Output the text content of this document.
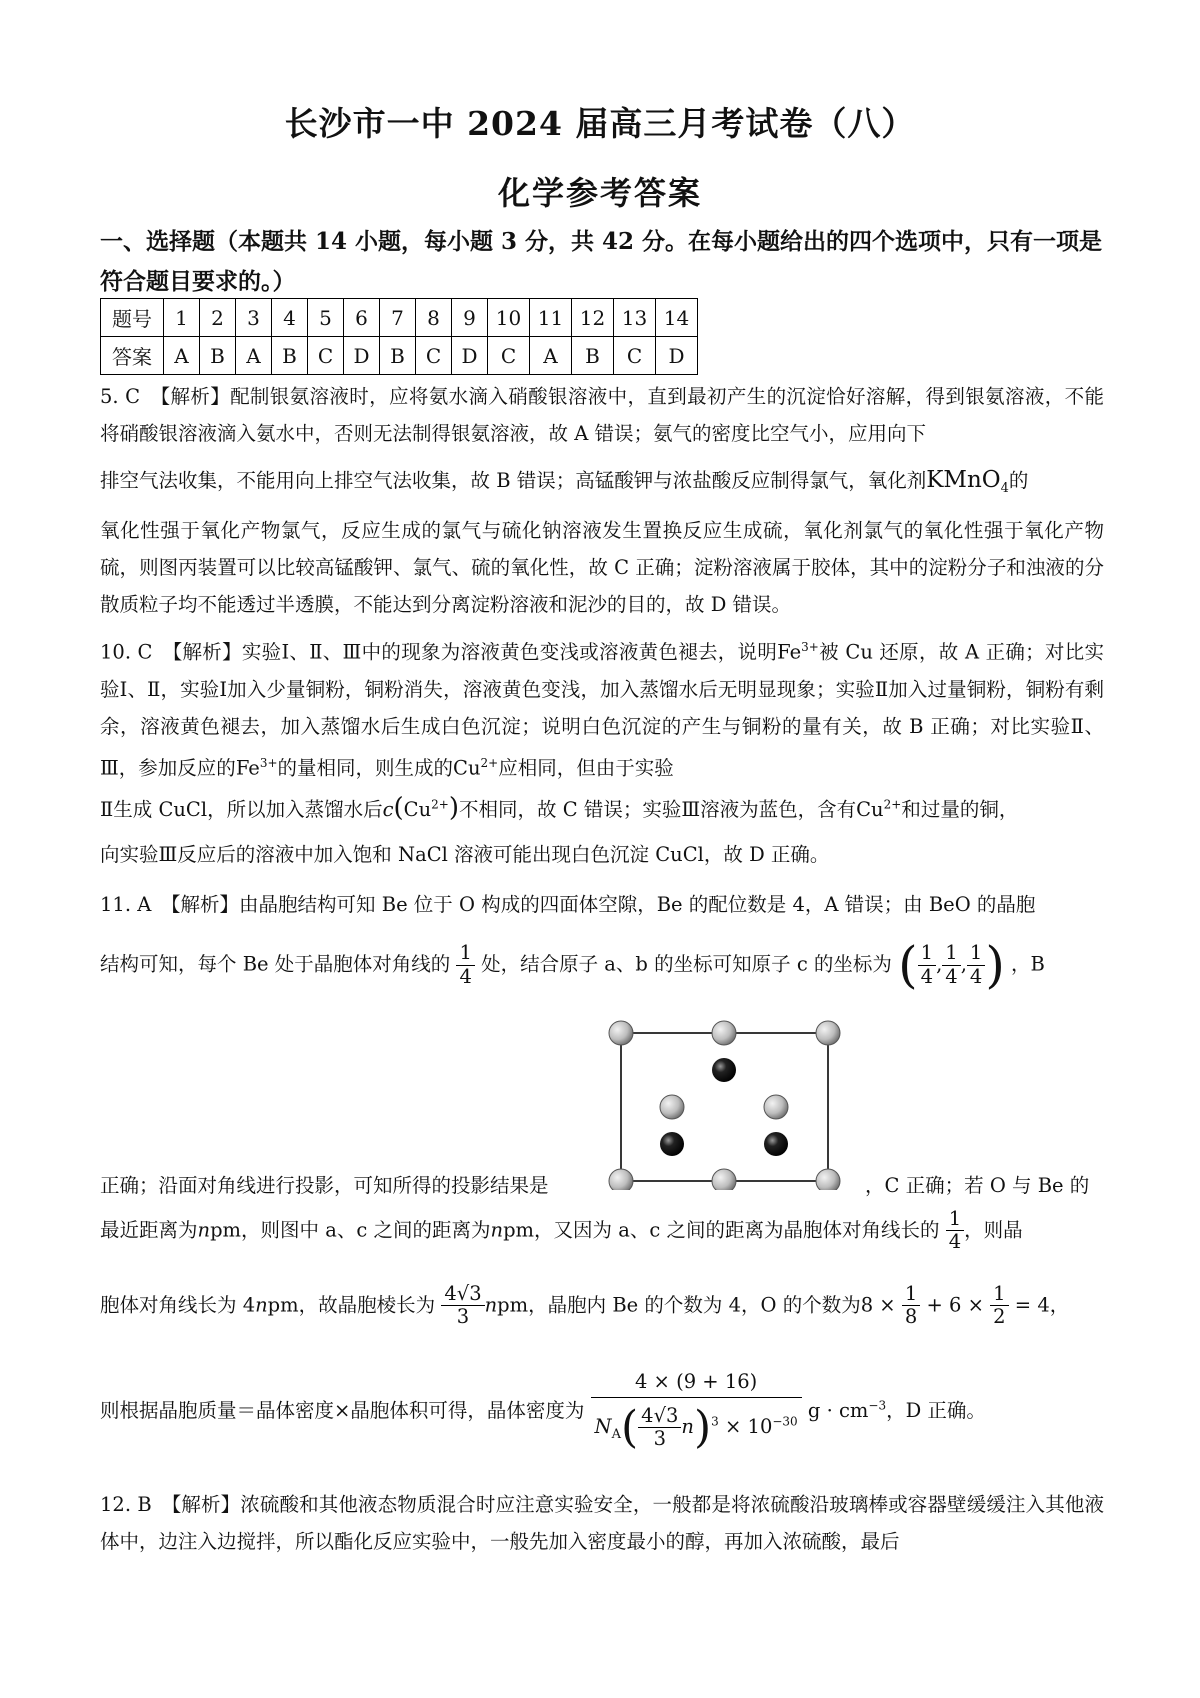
长沙市一中 2024 届高三月考试卷（八）
化学参考答案
一、选择题（本题共 14 小题，每小题 3 分，共 42 分。在每小题给出的四个选项中，只有一项是符合题目要求的。）
题号	1	2	3	4	5	6	7	8	9	10	11	12	13	14
答案	A	B	A	B	C	D	B	C	D	C	A	B	C	D
5. C　【解析】配制银氨溶液时，应将氨水滴入硝酸银溶液中，直到最初产生的沉淀恰好溶解，得到银氨溶液，不能将硝酸银溶液滴入氨水中，否则无法制得银氨溶液，故 A 错误；氨气的密度比空气小，应用向下
排空气法收集，不能用向上排空气法收集，故 B 错误；高锰酸钾与浓盐酸反应制得氯气，氧化剂KMnO$_4$的
氧化性强于氧化产物氯气，反应生成的氯气与硫化钠溶液发生置换反应生成硫，氧化剂氯气的氧化性强于氧化产物硫，则图丙装置可以比较高锰酸钾、氯气、硫的氧化性，故 C 正确；淀粉溶液属于胶体，其中的淀粉分子和浊液的分散质粒子均不能透过半透膜，不能达到分离淀粉溶液和泥沙的目的，故 D 错误。
10. C　【解析】实验Ⅰ、Ⅱ、Ⅲ中的现象为溶液黄色变浅或溶液黄色褪去，说明$Fe^{3+}$被 Cu 还原，故 A 正确；对比实验Ⅰ、Ⅱ，实验Ⅰ加入少量铜粉，铜粉消失，溶液黄色变浅，加入蒸馏水后无明显现象；实验Ⅱ加入过量铜粉，铜粉有剩余，溶液黄色褪去，加入蒸馏水后生成白色沉淀；说明白色沉淀的产生与铜粉的量有关，故 B 正确；对比实验Ⅱ、Ⅲ，参加反应的$Fe^{3+}$的量相同，则生成的$Cu^{2+}$应相同，但由于实验
Ⅱ生成 CuCl，所以加入蒸馏水后$c(Cu^{2+})$不相同，故 C 错误；实验Ⅲ溶液为蓝色，含有$Cu^{2+}$和过量的铜，
向实验Ⅲ反应后的溶液中加入饱和 NaCl 溶液可能出现白色沉淀 CuCl，故 D 正确。
11. A　【解析】由晶胞结构可知 Be 位于 O 构成的四面体空隙，Be 的配位数是 4，A 错误；由 BeO 的晶胞
结构可知，每个 Be 处于晶胞体对角线的 $\frac{1}{4}$ 处，结合原子 a、b 的坐标可知原子 c 的坐标为 ( $\frac{1}{4}$ , $\frac{1}{4}$ , $\frac{1}{4}$ ) ，B
正确；沿面对角线进行投影，可知所得的投影结果是	，C 正确；若 O 与 Be 的
最近距离为npm，则图中 a、c 之间的距离为npm，又因为 a、c 之间的距离为晶胞体对角线长的 $\frac{1}{4}$ ，则晶
胞体对角线长为 4npm，故晶胞棱长为 $\frac{4√3}{3}$ npm，晶胞内 Be 的个数为 4，O 的个数为$8 \times \frac{1}{8} + 6 \times \frac{1}{2} = 4$，
则根据晶胞质量＝晶体密度×晶胞体积可得，晶体密度为 $\frac{4 \times (9 + 16)}{N_A( \frac{4√3}{3} n)^3 \times 10^{-30}}$ $g \cdot cm^{-3}$，D 正确。
12. B　【解析】浓硫酸和其他液态物质混合时应注意实验安全，一般都是将浓硫酸沿玻璃棒或容器壁缓缓注入其他液体中，边注入边搅拌，所以酯化反应实验中，一般先加入密度最小的醇，再加入浓硫酸，最后
